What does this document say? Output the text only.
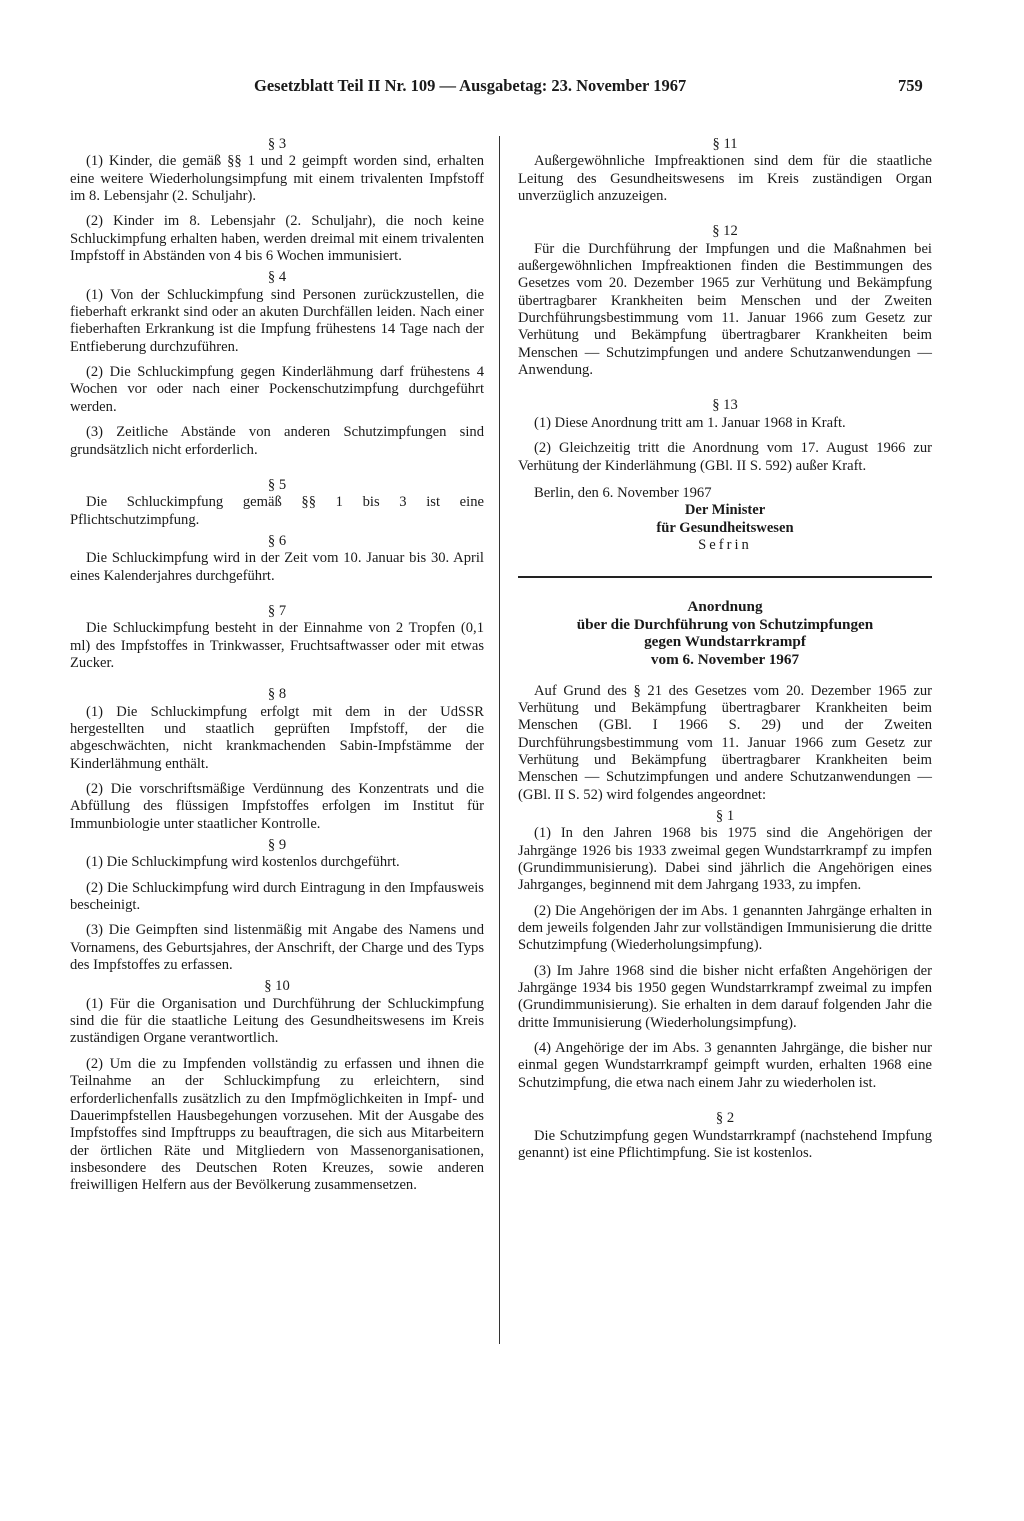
Gesetzblatt Teil II Nr. 109 — Ausgabetag: 23. November 1967	759

§ 3

(1) Kinder, die gemäß §§ 1 und 2 geimpft worden sind, erhalten eine weitere Wiederholungsimpfung mit einem trivalenten Impfstoff im 8. Lebensjahr (2. Schuljahr).

(2) Kinder im 8. Lebensjahr (2. Schuljahr), die noch keine Schluckimpfung erhalten haben, werden dreimal mit einem trivalenten Impfstoff in Abständen von 4 bis 6 Wochen immunisiert.

§ 4

(1) Von der Schluckimpfung sind Personen zurückzustellen, die fieberhaft erkrankt sind oder an akuten Durchfällen leiden. Nach einer fieberhaften Erkrankung ist die Impfung frühestens 14 Tage nach der Entfieberung durchzuführen.

(2) Die Schluckimpfung gegen Kinderlähmung darf frühestens 4 Wochen vor oder nach einer Pockenschutzimpfung durchgeführt werden.

(3) Zeitliche Abstände von anderen Schutzimpfungen sind grundsätzlich nicht erforderlich.

§ 5

Die Schluckimpfung gemäß §§ 1 bis 3 ist eine Pflichtschutzimpfung.

§ 6

Die Schluckimpfung wird in der Zeit vom 10. Januar bis 30. April eines Kalenderjahres durchgeführt.

§ 7

Die Schluckimpfung besteht in der Einnahme von 2 Tropfen (0,1 ml) des Impfstoffes in Trinkwasser, Fruchtsaftwasser oder mit etwas Zucker.

§ 8

(1) Die Schluckimpfung erfolgt mit dem in der UdSSR hergestellten und staatlich geprüften Impfstoff, der die abgeschwächten, nicht krankmachenden Sabin-Impfstämme der Kinderlähmung enthält.

(2) Die vorschriftsmäßige Verdünnung des Konzentrats und die Abfüllung des flüssigen Impfstoffes erfolgen im Institut für Immunbiologie unter staatlicher Kontrolle.

§ 9

(1) Die Schluckimpfung wird kostenlos durchgeführt.

(2) Die Schluckimpfung wird durch Eintragung in den Impfausweis bescheinigt.

(3) Die Geimpften sind listenmäßig mit Angabe des Namens und Vornamens, des Geburtsjahres, der Anschrift, der Charge und des Typs des Impfstoffes zu erfassen.

§ 10

(1) Für die Organisation und Durchführung der Schluckimpfung sind die für die staatliche Leitung des Gesundheitswesens im Kreis zuständigen Organe verantwortlich.

(2) Um die zu Impfenden vollständig zu erfassen und ihnen die Teilnahme an der Schluckimpfung zu erleichtern, sind erforderlichenfalls zusätzlich zu den Impfmöglichkeiten in Impf- und Dauerimpfstellen Hausbegehungen vorzusehen. Mit der Ausgabe des Impfstoffes sind Impftrupps zu beauftragen, die sich aus Mitarbeitern der örtlichen Räte und Mitgliedern von Massenorganisationen, insbesondere des Deutschen Roten Kreuzes, sowie anderen freiwilligen Helfern aus der Bevölkerung zusammensetzen.

§ 11

Außergewöhnliche Impfreaktionen sind dem für die staatliche Leitung des Gesundheitswesens im Kreis zuständigen Organ unverzüglich anzuzeigen.

§ 12

Für die Durchführung der Impfungen und die Maßnahmen bei außergewöhnlichen Impfreaktionen finden die Bestimmungen des Gesetzes vom 20. Dezember 1965 zur Verhütung und Bekämpfung übertragbarer Krankheiten beim Menschen und der Zweiten Durchführungsbestimmung vom 11. Januar 1966 zum Gesetz zur Verhütung und Bekämpfung übertragbarer Krankheiten beim Menschen — Schutzimpfungen und andere Schutzanwendungen — Anwendung.

§ 13

(1) Diese Anordnung tritt am 1. Januar 1968 in Kraft.

(2) Gleichzeitig tritt die Anordnung vom 17. August 1966 zur Verhütung der Kinderlähmung (GBl. II S. 592) außer Kraft.

Berlin, den 6. November 1967

Der Minister

für Gesundheitswesen

Sefrin

Anordnung

über die Durchführung von Schutzimpfungen

gegen Wundstarrkrampf

vom 6. November 1967

Auf Grund des § 21 des Gesetzes vom 20. Dezember 1965 zur Verhütung und Bekämpfung übertragbarer Krankheiten beim Menschen (GBl. I 1966 S. 29) und der Zweiten Durchführungsbestimmung vom 11. Januar 1966 zum Gesetz zur Verhütung und Bekämpfung übertragbarer Krankheiten beim Menschen — Schutzimpfungen und andere Schutzanwendungen — (GBl. II S. 52) wird folgendes angeordnet:

§ 1

(1) In den Jahren 1968 bis 1975 sind die Angehörigen der Jahrgänge 1926 bis 1933 zweimal gegen Wundstarrkrampf zu impfen (Grundimmunisierung). Dabei sind jährlich die Angehörigen eines Jahrganges, beginnend mit dem Jahrgang 1933, zu impfen.

(2) Die Angehörigen der im Abs. 1 genannten Jahrgänge erhalten in dem jeweils folgenden Jahr zur vollständigen Immunisierung die dritte Schutzimpfung (Wiederholungsimpfung).

(3) Im Jahre 1968 sind die bisher nicht erfaßten Angehörigen der Jahrgänge 1934 bis 1950 gegen Wundstarrkrampf zweimal zu impfen (Grundimmunisierung). Sie erhalten in dem darauf folgenden Jahr die dritte Immunisierung (Wiederholungsimpfung).

(4) Angehörige der im Abs. 3 genannten Jahrgänge, die bisher nur einmal gegen Wundstarrkrampf geimpft wurden, erhalten 1968 eine Schutzimpfung, die etwa nach einem Jahr zu wiederholen ist.

§ 2

Die Schutzimpfung gegen Wundstarrkrampf (nachstehend Impfung genannt) ist eine Pflichtimpfung. Sie ist kostenlos.
